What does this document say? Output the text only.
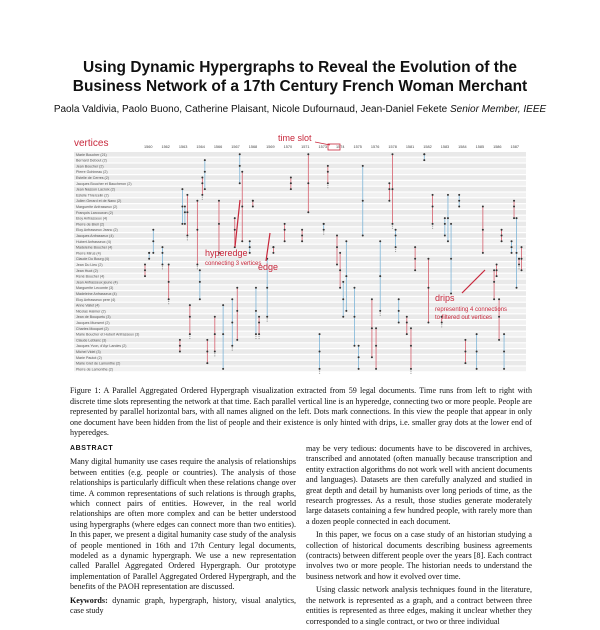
Using Dynamic Hypergraphs to Reveal the Evolution of the
Business Network of a 17th Century French Woman Merchant
Paola Valdivia, Paolo Buono, Catherine Plaisant, Nicole Dufournaud, Jean-Daniel Fekete Senior Member, IEEE
Marie Boucher (21)
Bernard Debout (2)
Jean Boucher (2)
Pierre Gohineau (2)
Estelle de Cerres (2)
Jacques Boucher et Baucheron (2)
Jean Nasson Lacroix (2)
Estelle Thiercelin (2)
Julien Gerard et de Nanc (2)
Marguerite Anfrasseux (2)
François Larcouxon (2)
Eloy Anfrasseux (4)
Pierre de Breil (2)
Eloy Anfrasseux Jeanc (2)
Jacques Anfrasseux (4)
Hubert Anfrasseux (4)
Madeleine Boucher (4)
Pierre Mirus (4)
Claude Du Bourg (4)
Jean Du Lieu (2)
Jean Huot (2)
René Boucher (4)
Jean Anfrasseux jeune (4)
Marguerite Lecomte (3)
Madeleine Anfrasseux (4)
Eloy Anfrasseux pere (4)
Anne Vallet (4)
Nicolas Haimer (2)
Jean de Bouquetu (3)
Jacques Munsent (2)
Charles Mocquet (2)
Marie Boucher et Hubert Anfrasseux (3)
Claude Leblanc (3)
Jacques Yvon, d'Ayr Landes (2)
Michel Videl (3)
Marie Pautot (2)
Marie Gret de Lamonthe (2)
Pierre de Lamonthe (2)
1560 1562 1563 1564 1566 1567 1568 1569 1570 1571 1573 1574 1575 1576 1578 1581 1582 1583 1584 1585 1586 1587
vertices	time slot
hyperedge
connecting 3 vertices
edge
drips
representing 4 connections
to filtered out vertices
Figure 1: A Parallel Aggregated Ordered Hypergraph visualization extracted from 59 legal documents. Time runs from left to right with discrete time slots representing the network at that time. Each parallel vertical line is an hyperedge, connecting two or more people. People are represented by parallel horizontal bars, with all names aligned on the left. Dots mark connections. In this view the people that appear in only one document have been hidden from the list of people and their existence is only hinted with drips, i.e. smaller gray dots at the lower end of hyperedges.
ABSTRACT

Many digital humanity use cases require the analysis of relationships between entities (e.g. people or countries). The analysis of those relationships is particularly difficult when these relations change over time. A common representations of such relations is through graphs, which connect pairs of entities. However, in the real world relationships are often more complex and can be better understood using hypergraphs (where edges can connect more than two entities). In this paper, we present a digital humanity case study of the analysis of people mentioned in 16th and 17th Century legal documents, modeled as a dynamic hypergraph. We use a new representation called Parallel Aggregated Ordered Hypergraph. Our prototype implementation of Parallel Aggregated Ordered Hypergraph, and the benefits of the PAOH representation are discussed.

Keywords: dynamic graph, hypergraph, history, visual analytics, case study

may be very tedious: documents have to be discovered in archives, transcribed and annotated (often manually because transcription and entity extraction algorithms do not work well with ancient documents and languages). Datasets are then carefully analyzed and studied in great depth and detail by humanists over long periods of time, as the research progresses. As a result, those studies generate moderately large datasets containing a few hundred people, with rarely more than a dozen people connected in each document.

In this paper, we focus on a case study of an historian studying a collection of historical documents describing business agreements (contracts) between different people over the years [8]. Each contract involves two or more people. The historian needs to understand the business network and how it evolved over time.

Using classic network analysis techniques found in the literature, the network is represented as a graph, and a contract between three entities is represented as three edges, making it unclear whether they corresponded to a single contract, or two or three individual
